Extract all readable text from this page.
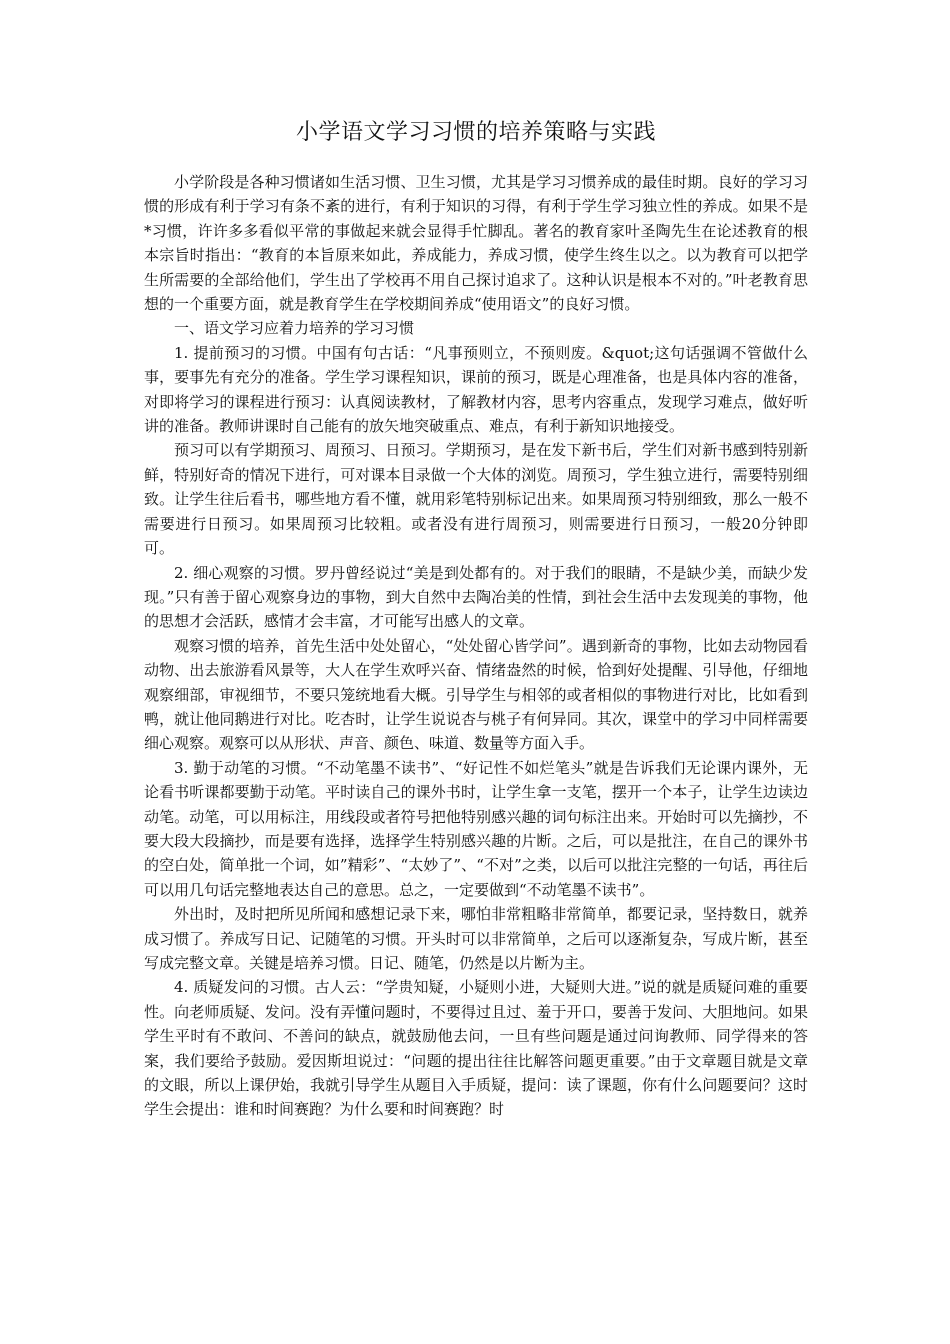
小学语文学习习惯的培养策略与实践

小学阶段是各种习惯诸如生活习惯、卫生习惯，尤其是学习习惯养成的最佳时期。良好的学习习惯的形成有利于学习有条不紊的进行，有利于知识的习得，有利于学生学习独立性的养成。如果不是*习惯，许许多多看似平常的事做起来就会显得手忙脚乱。著名的教育家叶圣陶先生在论述教育的根本宗旨时指出：“教育的本旨原来如此，养成能力，养成习惯，使学生终生以之。以为教育可以把学生所需要的全部给他们，学生出了学校再不用自己探讨追求了。这种认识是根本不对的。”叶老教育思想的一个重要方面，就是教育学生在学校期间养成“使用语文”的良好习惯。

一、语文学习应着力培养的学习习惯

1. 提前预习的习惯。中国有句古话：“凡事预则立，不预则废。&quot;这句话强调不管做什么事，要事先有充分的准备。学生学习课程知识，课前的预习，既是心理准备，也是具体内容的准备，对即将学习的课程进行预习：认真阅读教材，了解教材内容，思考内容重点，发现学习难点，做好听讲的准备。教师讲课时自己能有的放矢地突破重点、难点，有利于新知识地接受。

预习可以有学期预习、周预习、日预习。学期预习，是在发下新书后，学生们对新书感到特别新鲜，特别好奇的情况下进行，可对课本目录做一个大体的浏览。周预习，学生独立进行，需要特别细致。让学生往后看书，哪些地方看不懂，就用彩笔特别标记出来。如果周预习特别细致，那么一般不需要进行日预习。如果周预习比较粗。或者没有进行周预习，则需要进行日预习，一般20分钟即可。

2. 细心观察的习惯。罗丹曾经说过“美是到处都有的。对于我们的眼睛，不是缺少美，而缺少发现。”只有善于留心观察身边的事物，到大自然中去陶冶美的性情，到社会生活中去发现美的事物，他的思想才会活跃，感情才会丰富，才可能写出感人的文章。

观察习惯的培养，首先生活中处处留心，“处处留心皆学问”。遇到新奇的事物，比如去动物园看动物、出去旅游看风景等，大人在学生欢呼兴奋、情绪盎然的时候，恰到好处提醒、引导他，仔细地观察细部，审视细节，不要只笼统地看大概。引导学生与相邻的或者相似的事物进行对比，比如看到鸭，就让他同鹅进行对比。吃杏时，让学生说说杏与桃子有何异同。其次，课堂中的学习中同样需要细心观察。观察可以从形状、声音、颜色、味道、数量等方面入手。

3. 勤于动笔的习惯。“不动笔墨不读书”、“好记性不如烂笔头”就是告诉我们无论课内课外，无论看书听课都要勤于动笔。平时读自己的课外书时，让学生拿一支笔，摆开一个本子，让学生边读边动笔。动笔，可以用标注，用线段或者符号把他特别感兴趣的词句标注出来。开始时可以先摘抄，不要大段大段摘抄，而是要有选择，选择学生特别感兴趣的片断。之后，可以是批注，在自己的课外书的空白处，简单批一个词，如”精彩”、“太妙了”、“不对”之类，以后可以批注完整的一句话，再往后可以用几句话完整地表达自己的意思。总之，一定要做到“不动笔墨不读书”。

外出时，及时把所见所闻和感想记录下来，哪怕非常粗略非常简单，都要记录，坚持数日，就养成习惯了。养成写日记、记随笔的习惯。开头时可以非常简单，之后可以逐渐复杂，写成片断，甚至写成完整文章。关键是培养习惯。日记、随笔，仍然是以片断为主。

4. 质疑发问的习惯。古人云：“学贵知疑，小疑则小进，大疑则大进。”说的就是质疑问难的重要性。向老师质疑、发问。没有弄懂问题时，不要得过且过、羞于开口，要善于发问、大胆地问。如果学生平时有不敢问、不善问的缺点，就鼓励他去问，一旦有些问题是通过问询教师、同学得来的答案，我们要给予鼓励。爱因斯坦说过：“问题的提出往往比解答问题更重要。”由于文章题目就是文章的文眼，所以上课伊始，我就引导学生从题目入手质疑，提问：读了课题，你有什么问题要问？这时学生会提出：谁和时间赛跑？为什么要和时间赛跑？时
